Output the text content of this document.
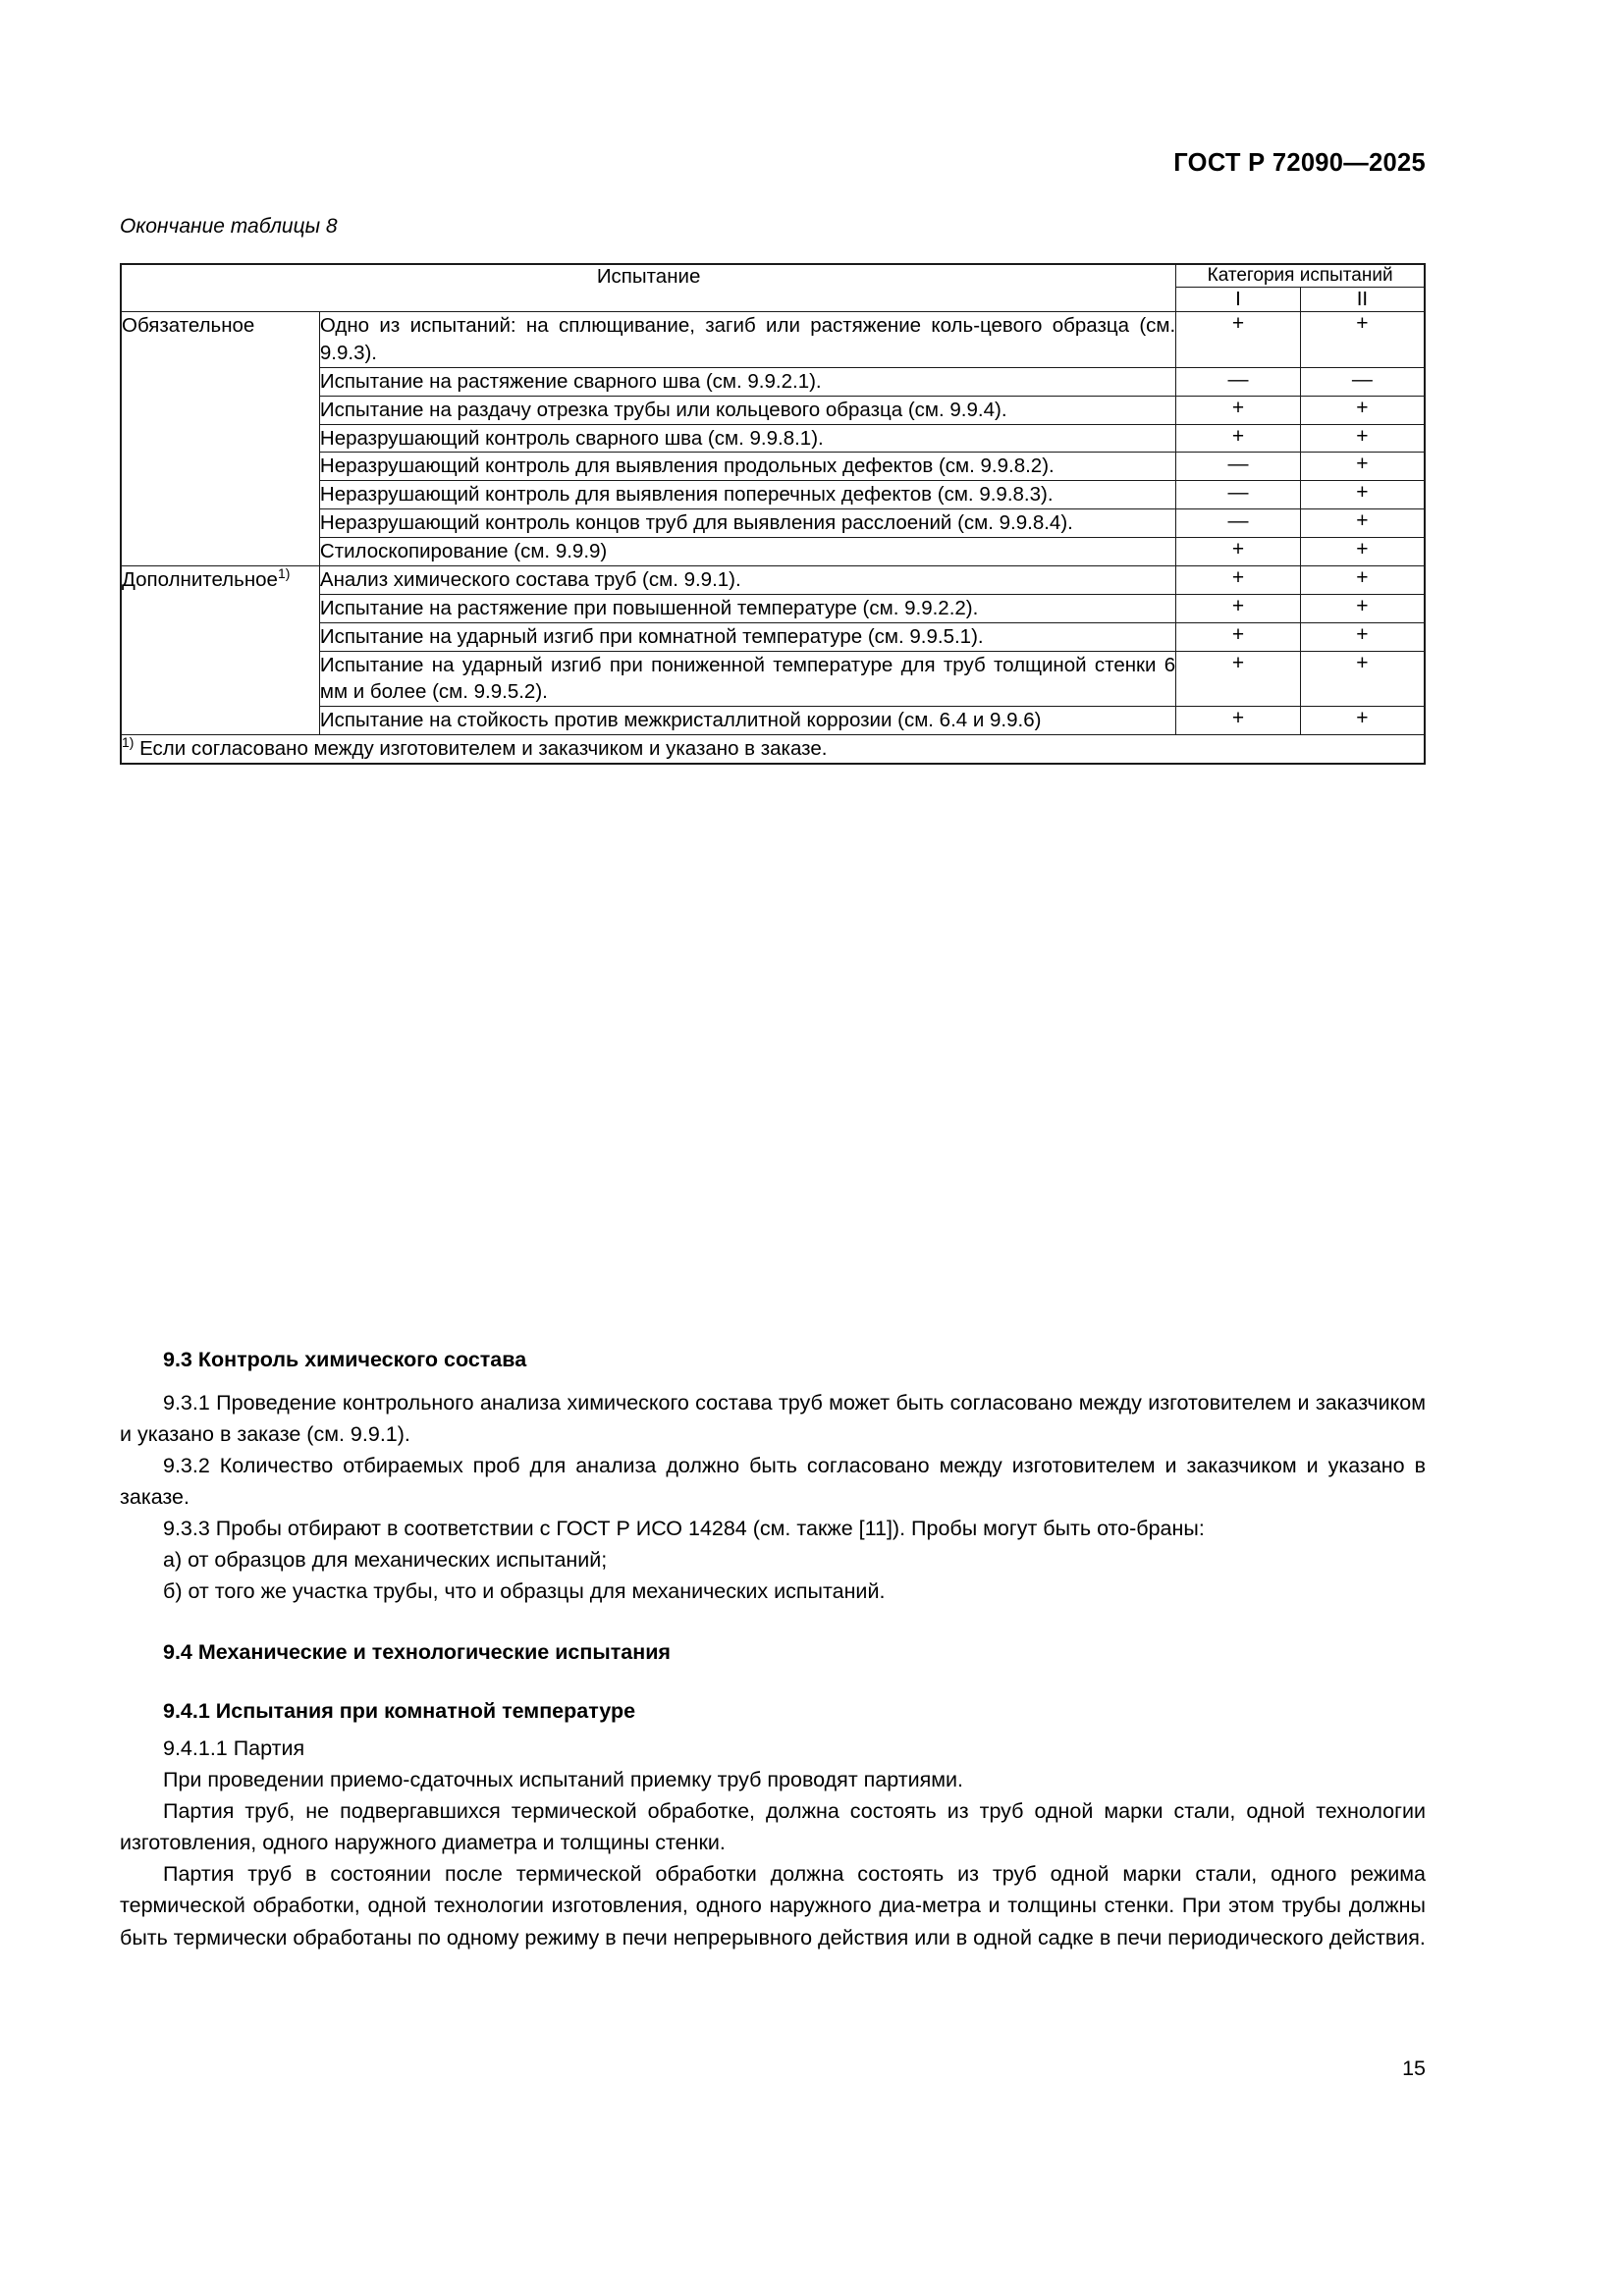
ГОСТ Р 72090—2025
Окончание таблицы 8
Испытание		Категория испытаний	
		I	II
Обязательное	Одно из испытаний: на сплющивание, загиб или растяжение коль-цевого образца (см. 9.9.3).	+	+
	Испытание на растяжение сварного шва (см. 9.9.2.1).	—	—
	Испытание на раздачу отрезка трубы или кольцевого образца (см. 9.9.4).	+	+
	Неразрушающий контроль сварного шва (см. 9.9.8.1).	+	+
	Неразрушающий контроль для выявления продольных дефектов (см. 9.9.8.2).	—	+
	Неразрушающий контроль для выявления поперечных дефектов (см. 9.9.8.3).	—	+
	Неразрушающий контроль концов труб для выявления расслоений (см. 9.9.8.4).	—	+
	Стилоскопирование (см. 9.9.9)	+	+
Дополнительное$^{1)}$	Анализ химического состава труб (см. 9.9.1).	+	+
	Испытание на растяжение при повышенной температуре (см. 9.9.2.2).	+	+
	Испытание на ударный изгиб при комнатной температуре (см. 9.9.5.1).	+	+
	Испытание на ударный изгиб при пониженной температуре для труб толщиной стенки 6 мм и более (см. 9.9.5.2).	+	+
	Испытание на стойкость против межкристаллитной коррозии (см. 6.4 и 9.9.6)	+	+
$^{1)}$ Если согласовано между изготовителем и заказчиком и указано в заказе.			
9.3 Контроль химического состава

9.3.1 Проведение контрольного анализа химического состава труб может быть согласовано между изготовителем и заказчиком и указано в заказе (см. 9.9.1).

9.3.2 Количество отбираемых проб для анализа должно быть согласовано между изготовителем и заказчиком и указано в заказе.

9.3.3 Пробы отбирают в соответствии с ГОСТ Р ИСО 14284 (см. также [11]). Пробы могут быть ото-браны:

а) от образцов для механических испытаний;

б) от того же участка трубы, что и образцы для механических испытаний.

9.4 Механические и технологические испытания
9.4.1 Испытания при комнатной температуре

9.4.1.1 Партия

При проведении приемо-сдаточных испытаний приемку труб проводят партиями.

Партия труб, не подвергавшихся термической обработке, должна состоять из труб одной марки стали, одной технологии изготовления, одного наружного диаметра и толщины стенки.

Партия труб в состоянии после термической обработки должна состоять из труб одной марки стали, одного режима термической обработки, одной технологии изготовления, одного наружного диа-метра и толщины стенки. При этом трубы должны быть термически обработаны по одному режиму в печи непрерывного действия или в одной садке в печи периодического действия.

15
